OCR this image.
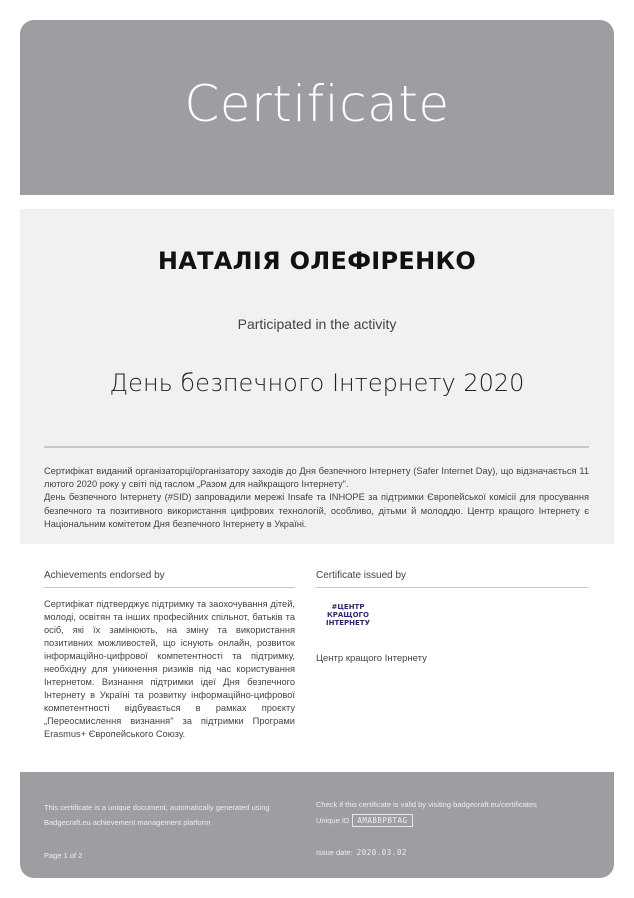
Certificate
НАТАЛІЯ ОЛЕФІРЕНКО
Participated in the activity
День безпечного Інтернету 2020

Сертифікат виданий організаторці/організатору заходів до Дня безпечного Інтернету (Safer Internet Day), що відзначається 11 лютого 2020 року у світі під гаслом „Разом для найкращого Інтернету".

День безпечного Інтернету (#SID) запровадили мережі Insafe та INHOPE за підтримки Європейської комісії для просування безпечного та позитивного використання цифрових технологій, особливо, дітьми й молоддю. Центр кращого Інтернету є Національним комітетом Дня безпечного Інтернету в Україні.

Achievements endorsed by	Certificate issued by
Сертифікат підтверджує підтримку та заохочування дітей, молоді, освітян та інших професійних спільнот, батьків та осіб, які їх замінюють, на зміну та використання позитивних можливостей, що існують онлайн, розвиток інформаційно-цифрової компетентності та підтримку, необхідну для уникнення ризиків під час користування Інтернетом. Визнання підтримки ідеї Дня безпечного Інтернету в Україні та розвитку інформаційно-цифрової компетентності відбувається в рамках проєкту „Переосмислення визнання" за підтримки Програми Erasmus+ Європейського Союзу.
#ЦЕНТР
КРАЩОГО
ІНТЕРНЕТУ
Центр кращого Інтернету
This certificate is a unique document, automatically generated using Badgecraft.eu achievement management platform
Page 1 of 2
Check if this certificate is valid by visiting badgecraft.eu/certificates
Unique ID	AMABBPBTAG
Issue date: 2020.03.02
